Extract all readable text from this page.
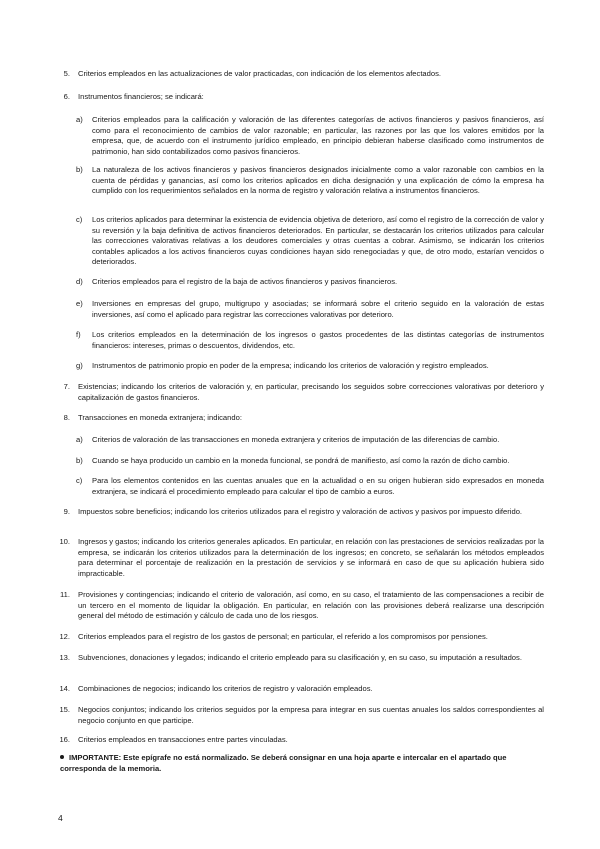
5. Criterios empleados en las actualizaciones de valor practicadas, con indicación de los elementos afectados.
6. Instrumentos financieros; se indicará:
a) Criterios empleados para la calificación y valoración de las diferentes categorías de activos financieros y pasivos financieros, así como para el reconocimiento de cambios de valor razonable; en particular, las razones por las que los valores emitidos por la empresa, que, de acuerdo con el instrumento jurídico empleado, en principio debieran haberse clasificado como instrumentos de patrimonio, han sido contabilizados como pasivos financieros.
b) La naturaleza de los activos financieros y pasivos financieros designados inicialmente como a valor razonable con cambios en la cuenta de pérdidas y ganancias, así como los criterios aplicados en dicha designación y una explicación de cómo la empresa ha cumplido con los requerimientos señalados en la norma de registro y valoración relativa a instrumentos financieros.
c) Los criterios aplicados para determinar la existencia de evidencia objetiva de deterioro, así como el registro de la corrección de valor y su reversión y la baja definitiva de activos financieros deteriorados. En particular, se destacarán los criterios utilizados para calcular las correcciones valorativas relativas a los deudores comerciales y otras cuentas a cobrar. Asimismo, se indicarán los criterios contables aplicados a los activos financieros cuyas condiciones hayan sido renegociadas y que, de otro modo, estarían vencidos o deteriorados.
d) Criterios empleados para el registro de la baja de activos financieros y pasivos financieros.
e) Inversiones en empresas del grupo, multigrupo y asociadas; se informará sobre el criterio seguido en la valoración de estas inversiones, así como el aplicado para registrar las correcciones valorativas por deterioro.
f) Los criterios empleados en la determinación de los ingresos o gastos procedentes de las distintas categorías de instrumentos financieros: intereses, primas o descuentos, dividendos, etc.
g) Instrumentos de patrimonio propio en poder de la empresa; indicando los criterios de valoración y registro empleados.
7. Existencias; indicando los criterios de valoración y, en particular, precisando los seguidos sobre correcciones valorativas por deterioro y capitalización de gastos financieros.
8. Transacciones en moneda extranjera; indicando:
a) Criterios de valoración de las transacciones en moneda extranjera y criterios de imputación de las diferencias de cambio.
b) Cuando se haya producido un cambio en la moneda funcional, se pondrá de manifiesto, así como la razón de dicho cambio.
c) Para los elementos contenidos en las cuentas anuales que en la actualidad o en su origen hubieran sido expresados en moneda extranjera, se indicará el procedimiento empleado para calcular el tipo de cambio a euros.
9. Impuestos sobre beneficios; indicando los criterios utilizados para el registro y valoración de activos y pasivos por impuesto diferido.
10. Ingresos y gastos; indicando los criterios generales aplicados. En particular, en relación con las prestaciones de servicios realizadas por la empresa, se indicarán los criterios utilizados para la determinación de los ingresos; en concreto, se señalarán los métodos empleados para determinar el porcentaje de realización en la prestación de servicios y se informará en caso de que su aplicación hubiera sido impracticable.
11. Provisiones y contingencias; indicando el criterio de valoración, así como, en su caso, el tratamiento de las compensaciones a recibir de un tercero en el momento de liquidar la obligación. En particular, en relación con las provisiones deberá realizarse una descripción general del método de estimación y cálculo de cada uno de los riesgos.
12. Criterios empleados para el registro de los gastos de personal; en particular, el referido a los compromisos por pensiones.
13. Subvenciones, donaciones y legados; indicando el criterio empleado para su clasificación y, en su caso, su imputación a resultados.
14. Combinaciones de negocios; indicando los criterios de registro y valoración empleados.
15. Negocios conjuntos; indicando los criterios seguidos por la empresa para integrar en sus cuentas anuales los saldos correspondientes al negocio conjunto en que participe.
16. Criterios empleados en transacciones entre partes vinculadas.
IMPORTANTE: Este epígrafe no está normalizado. Se deberá consignar en una hoja aparte e intercalar en el apartado que corresponda de la memoria.
4
